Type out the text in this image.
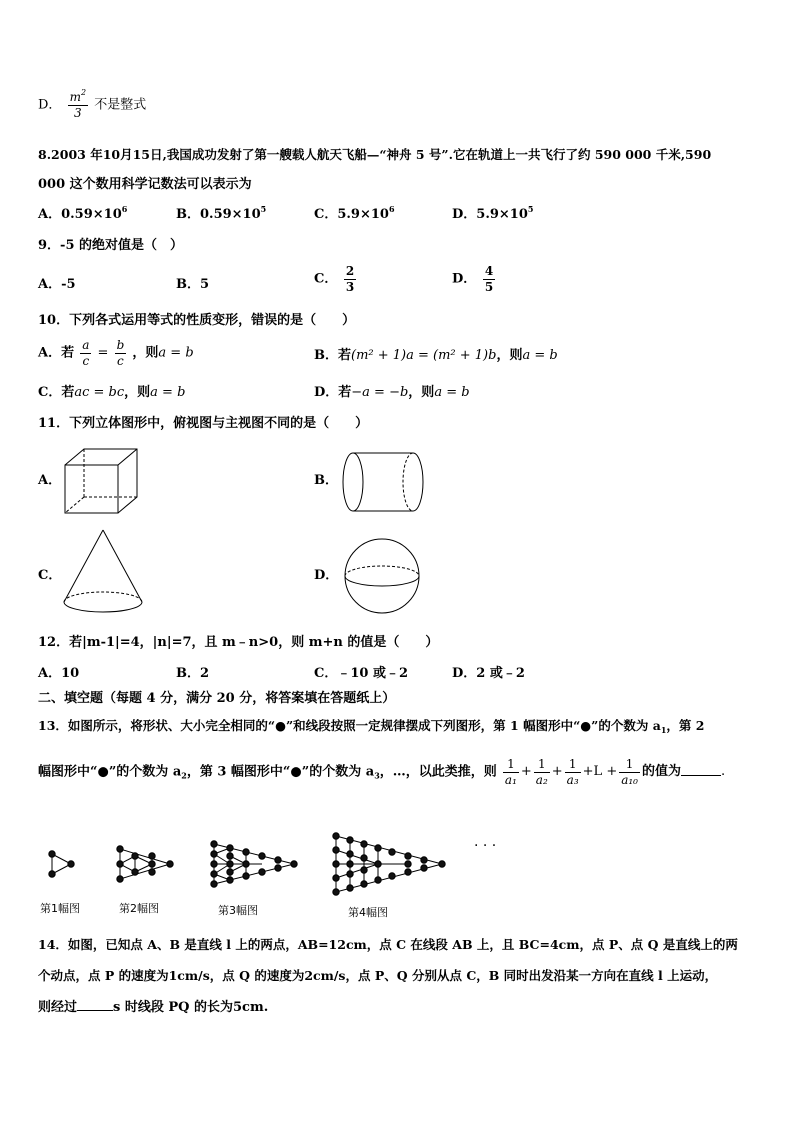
D． $\frac{m^2}{3}$ 不是整式
8.2003 年10月15日,我国成功发射了第一艘载人航天飞船—“神舟 5 号”.它在轨道上一共飞行了约 590 000 千米,590
000 这个数用科学记数法可以表示为
A．$0.59\times 10^6$	B．$0.59\times 10^5$	C．$5.9\times 10^6$	D．$5.9\times 10^5$
9．-5 的绝对值是（　）
A．-5	B．5	C． $\frac{2}{3}$	D． $\frac{4}{5}$
10．下列各式运用等式的性质变形，错误的是（　　）
A．若 $\frac{a}{c} = \frac{b}{c}$ ，则a = b	B．若(m² + 1)a = (m² + 1)b，则a = b
C．若ac = bc，则a = b	D．若−a = −b，则a = b
11．下列立体图形中，俯视图与主视图不同的是（　　）
A．	B．
C．	D．
12．若|m-1|=4，|n|=7，且 m﹣n>0，则 m+n 的值是（　　）
A．10	B．2	C．﹣10 或﹣2	D．2 或﹣2
二、填空题（每题 4 分，满分 20 分，将答案填在答题纸上）
13．如图所示，将形状、大小完全相同的“●”和线段按照一定规律摆成下列图形，第 1 幅图形中“●”的个数为 $a_1$，第 2
幅图形中“●”的个数为 $a_2$，第 3 幅图形中“●”的个数为 $a_3$，…，以此类推，则 $\frac{1}{\text{a₁}} + \frac{1}{\text{a₂}} + \frac{1}{\text{a₃}} +L + \frac{1}{\text{a₁₀}}$ 的值为	.
· · ·
第1幅图	第2幅图	第3幅图	第4幅图
14．如图，已知点 A、B 是直线 l 上的两点，AB=12cm，点 C 在线段 AB 上，且 BC=4cm，点 P、点 Q 是直线上的两
个动点，点 P 的速度为1cm/s，点 Q 的速度为2cm/s，点 P、Q 分别从点 C，B 同时出发沿某一方向在直线 l 上运动，
则经过	s 时线段 PQ 的长为5cm.
